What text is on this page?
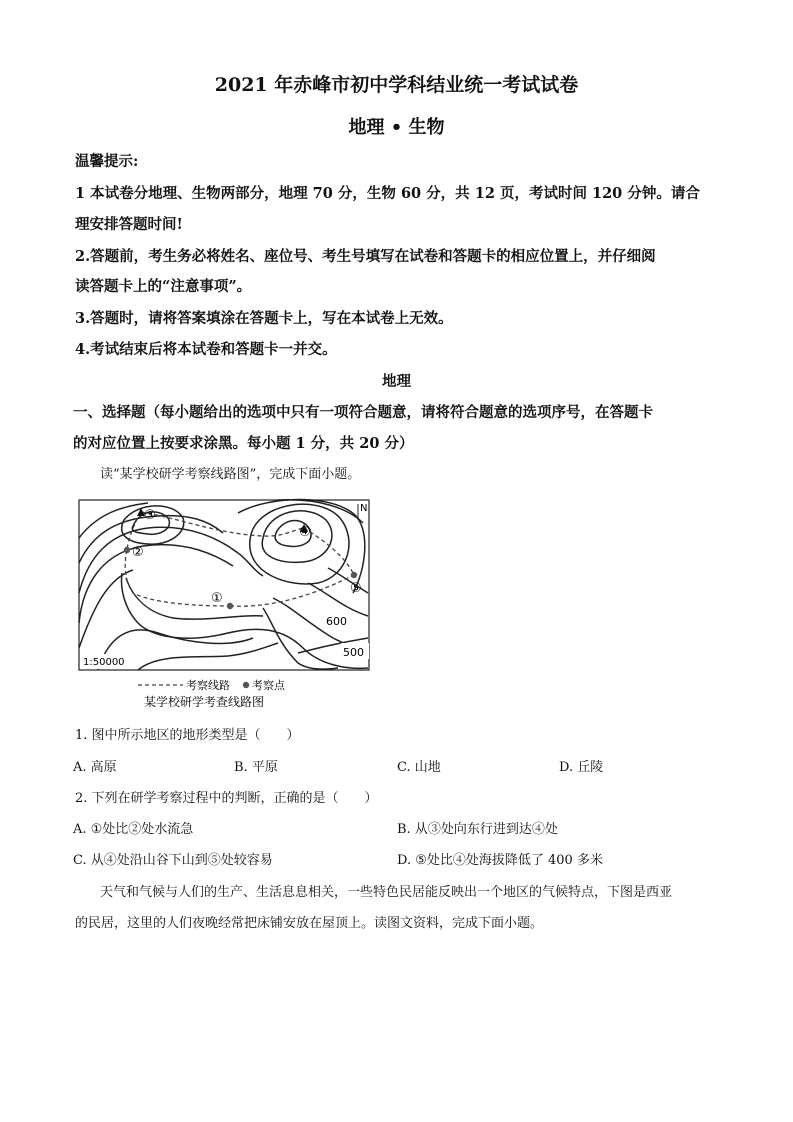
2021 年赤峰市初中学科结业统一考试试卷
地理 • 生物
温馨提示:
1 本试卷分地理、生物两部分，地理 70 分，生物 60 分，共 12 页，考试时间 120 分钟。请合
理安排答题时间!
2.答题前，考生务必将姓名、座位号、考生号填写在试卷和答题卡的相应位置上，并仔细阅
读答题卡上的“注意事项”。
3.答题时，请将答案填涂在答题卡上，写在本试卷上无效。
4.考试结束后将本试卷和答题卡一并交。
地理
一、选择题（每小题给出的选项中只有一项符合题意，请将符合题意的选项序号，在答题卡
的对应位置上按要求涂黑。每小题 1 分，共 20 分）
读“某学校研学考察线路图”，完成下面小题。
③
④
②
⑤
①
N
600
500
1:50000
考察线路 考察点
某学校研学考查线路图
1. 图中所示地区的地形类型是（　　）
A. 高原	B. 平原	C. 山地	D. 丘陵
2. 下列在研学考察过程中的判断，正确的是（　　）
A. ①处比②处水流急	B. 从③处向东行进到达④处
C. 从④处沿山谷下山到⑤处较容易	D. ⑤处比④处海拔降低了 400 多米
天气和气候与人们的生产、生活息息相关，一些特色民居能反映出一个地区的气候特点，下图是西亚
的民居，这里的人们夜晚经常把床铺安放在屋顶上。读图文资料，完成下面小题。
